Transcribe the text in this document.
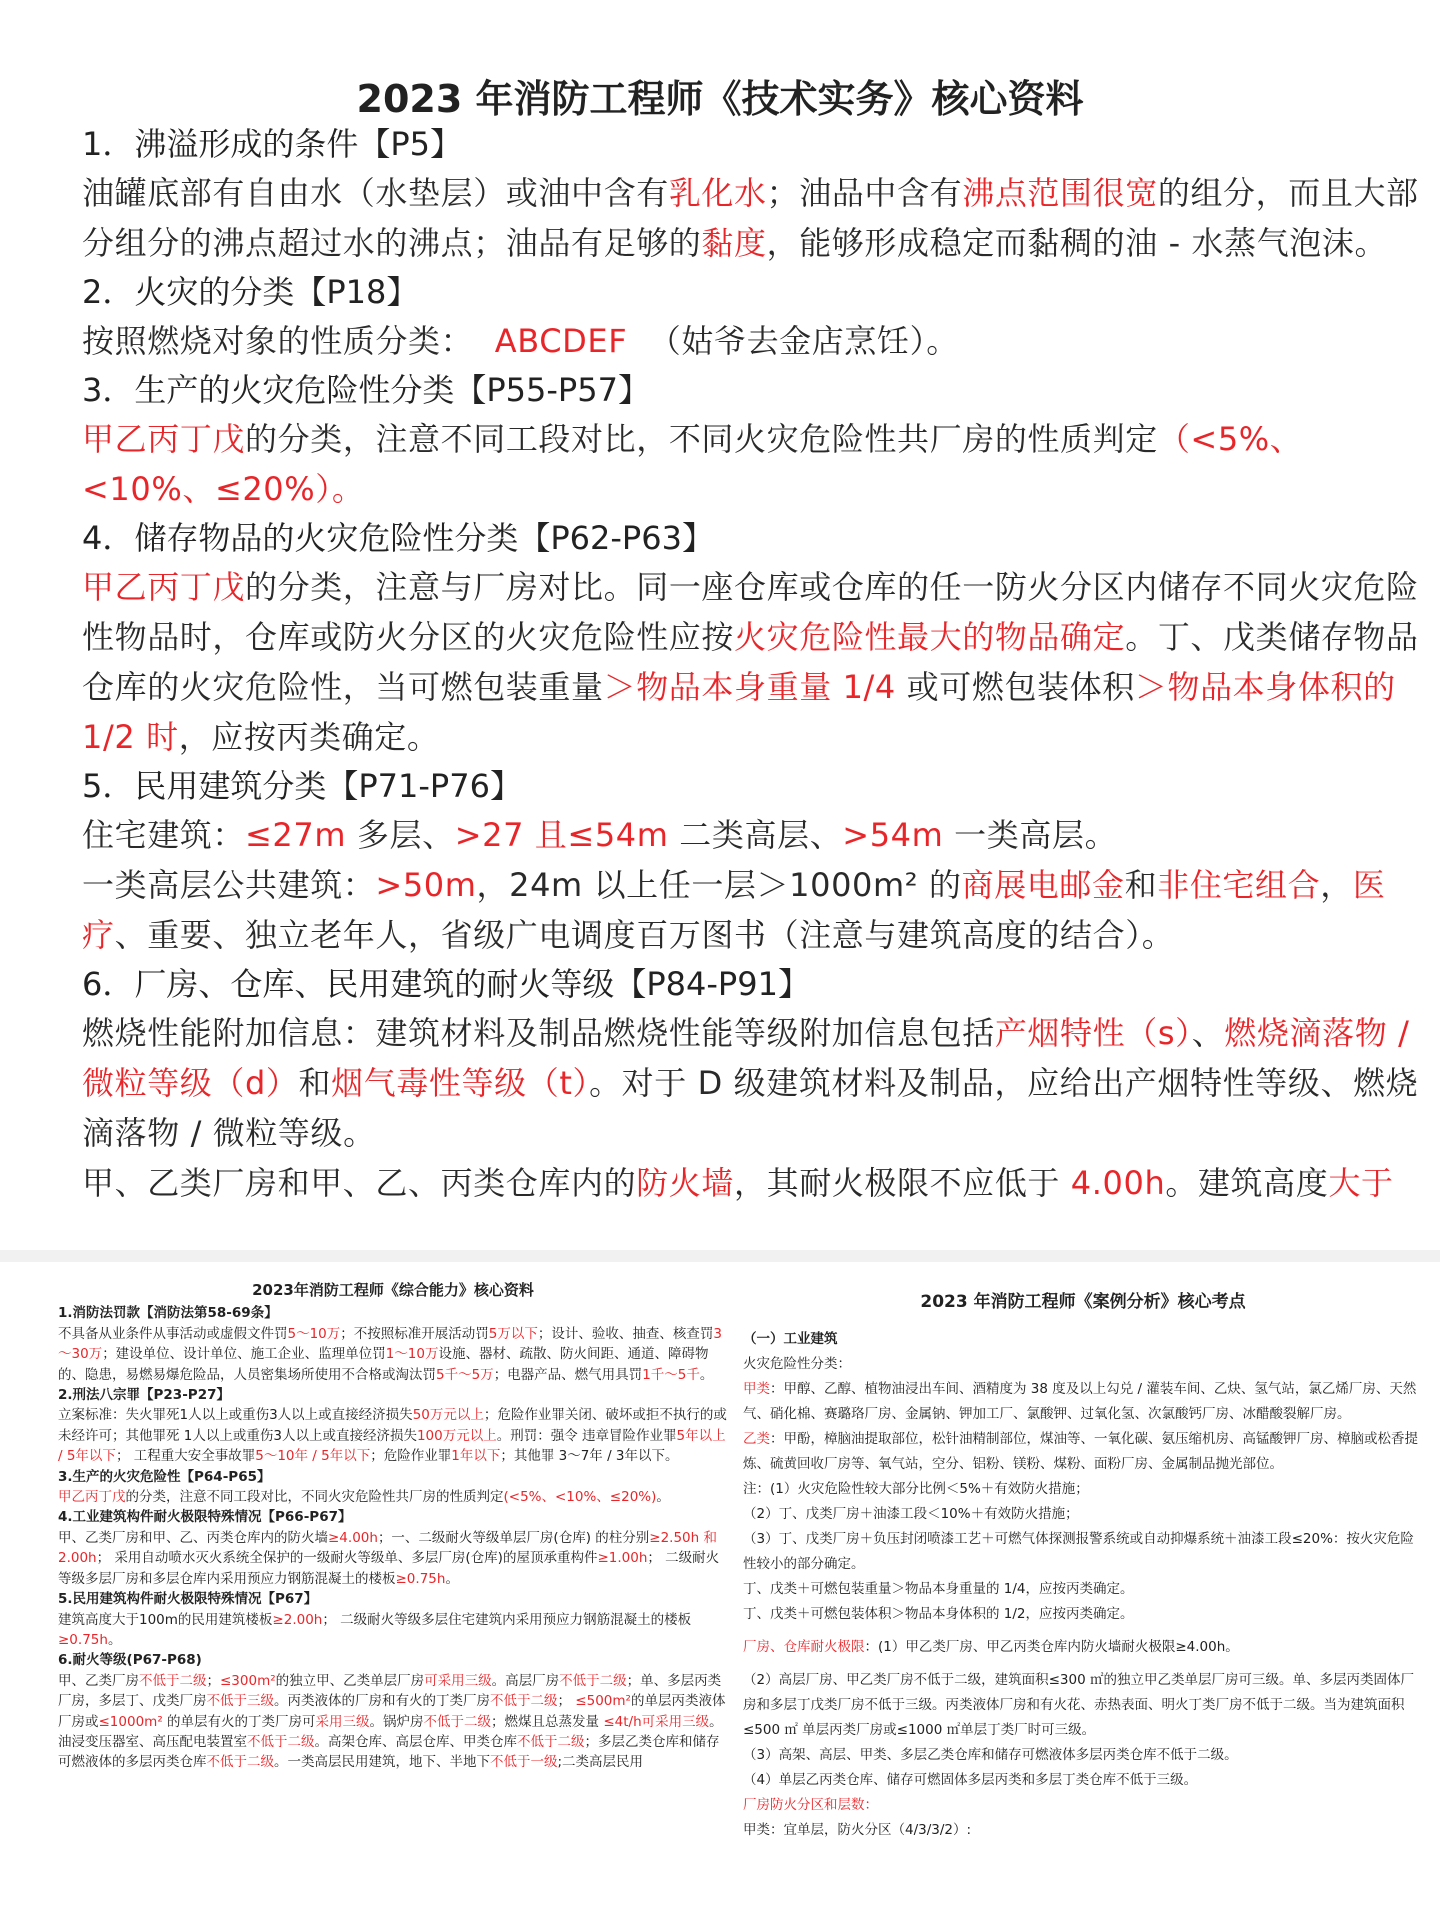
2023 年消防工程师《技术实务》核心资料
1．沸溢形成的条件【P5】
油罐底部有自由水（水垫层）或油中含有乳化水；油品中含有沸点范围很宽的组分，而且大部分组分的沸点超过水的沸点；油品有足够的黏度，能够形成稳定而黏稠的油 - 水蒸气泡沫。
2．火灾的分类【P18】
按照燃烧对象的性质分类： ABCDEF （姑爷去金店烹饪）。
3．生产的火灾危险性分类【P55-P57】
甲乙丙丁戊的分类，注意不同工段对比，不同火灾危险性共厂房的性质判定（<5%、<10%、≤20%）。
4．储存物品的火灾危险性分类【P62-P63】
甲乙丙丁戊的分类，注意与厂房对比。同一座仓库或仓库的任一防火分区内储存不同火灾危险性物品时，仓库或防火分区的火灾危险性应按火灾危险性最大的物品确定。丁、戊类储存物品仓库的火灾危险性，当可燃包装重量＞物品本身重量 1/4 或可燃包装体积＞物品本身体积的 1/2 时，应按丙类确定。
5．民用建筑分类【P71-P76】
住宅建筑：≤27m 多层、>27 且≤54m 二类高层、>54m 一类高层。
一类高层公共建筑：>50m，24m 以上任一层＞1000m² 的商展电邮金和非住宅组合，医疗、重要、独立老年人，省级广电调度百万图书（注意与建筑高度的结合）。
6．厂房、仓库、民用建筑的耐火等级【P84-P91】
燃烧性能附加信息：建筑材料及制品燃烧性能等级附加信息包括产烟特性（s）、燃烧滴落物 / 微粒等级（d）和烟气毒性等级（t）。对于 D 级建筑材料及制品，应给出产烟特性等级、燃烧滴落物 / 微粒等级。
甲、乙类厂房和甲、乙、丙类仓库内的防火墙，其耐火极限不应低于 4.00h。建筑高度大于
2023年消防工程师《综合能力》核心资料
1.消防法罚款【消防法第58-69条】
不具备从业条件从事活动或虚假文件罚5～10万；不按照标准开展活动罚5万以下；设计、验收、抽查、核查罚3～30万；建设单位、设计单位、施工企业、监理单位罚1～10万设施、器材、疏散、防火间距、通道、障碍物的、隐患，易燃易爆危险品，人员密集场所使用不合格或淘汰罚5千～5万；电器产品、燃气用具罚1千～5千。
2.刑法八宗罪【P23-P27】
立案标准：失火罪死1人以上或重伤3人以上或直接经济损失50万元以上；危险作业罪关闭、破坏或拒不执行的或未经许可；其他罪死 1人以上或重伤3人以上或直接经济损失100万元以上。刑罚：强令 违章冒险作业罪5年以上 / 5年以下； 工程重大安全事故罪5～10年 / 5年以下；危险作业罪1年以下；其他罪 3～7年 / 3年以下。
3.生产的火灾危险性【P64-P65】
甲乙丙丁戊的分类，注意不同工段对比，不同火灾危险性共厂房的性质判定(<5%、<10%、≤20%)。
4.工业建筑构件耐火极限特殊情况【P66-P67】
甲、乙类厂房和甲、乙、丙类仓库内的防火墙≥4.00h；一、二级耐火等级单层厂房(仓库) 的柱分别≥2.50h 和2.00h； 采用自动喷水灭火系统全保护的一级耐火等级单、多层厂房(仓库)的屋顶承重构件≥1.00h； 二级耐火等级多层厂房和多层仓库内采用预应力钢筋混凝土的楼板≥0.75h。
5.民用建筑构件耐火极限特殊情况【P67】
建筑高度大于100m的民用建筑楼板≥2.00h； 二级耐火等级多层住宅建筑内采用预应力钢筋混凝土的楼板≥0.75h。
6.耐火等级(P67-P68)
甲、乙类厂房不低于二级；≤300m²的独立甲、乙类单层厂房可采用三级。高层厂房不低于二级；单、多层丙类厂房，多层丁、戊类厂房不低于三级。丙类液体的厂房和有火的丁类厂房不低于二级； ≤500m²的单层丙类液体厂房或≤1000m² 的单层有火的丁类厂房可采用三级。锅炉房不低于二级；燃煤且总蒸发量 ≤4t/h可采用三级。油浸变压器室、高压配电装置室不低于二级。高架仓库、高层仓库、甲类仓库不低于二级；多层乙类仓库和储存可燃液体的多层丙类仓库不低于二级。一类高层民用建筑，地下、半地下不低于一级;二类高层民用
2023 年消防工程师《案例分析》核心考点
（一）工业建筑
火灾危险性分类：
甲类：甲醇、乙醇、植物油浸出车间、酒精度为 38 度及以上勾兑 / 灌装车间、乙炔、氢气站，氯乙烯厂房、天然气、硝化棉、赛璐珞厂房、金属钠、钾加工厂、氯酸钾、过氧化氢、次氯酸钙厂房、冰醋酸裂解厂房。
乙类：甲酚，樟脑油提取部位，松针油精制部位，煤油等、一氧化碳、氨压缩机房、高锰酸钾厂房、樟脑或松香提炼、硫黄回收厂房等、氧气站，空分、铝粉、镁粉、煤粉、面粉厂房、金属制品抛光部位。
注：(1）火灾危险性较大部分比例＜5%＋有效防火措施；
（2）丁、戊类厂房＋油漆工段＜10%＋有效防火措施；
（3）丁、戊类厂房＋负压封闭喷漆工艺＋可燃气体探测报警系统或自动抑爆系统＋油漆工段≤20%：按火灾危险性较小的部分确定。
丁、戊类＋可燃包装重量＞物品本身重量的 1/4，应按丙类确定。
丁、戊类＋可燃包装体积＞物品本身体积的 1/2，应按丙类确定。
厂房、仓库耐火极限：(1）甲乙类厂房、甲乙丙类仓库内防火墙耐火极限≥4.00h。
（2）高层厂房、甲乙类厂房不低于二级，建筑面积≤300 ㎡的独立甲乙类单层厂房可三级。单、多层丙类固体厂房和多层丁戊类厂房不低于三级。丙类液体厂房和有火花、赤热表面、明火丁类厂房不低于二级。当为建筑面积≤500 ㎡ 单层丙类厂房或≤1000 ㎡单层丁类厂时可三级。
（3）高架、高层、甲类、多层乙类仓库和储存可燃液体多层丙类仓库不低于二级。
（4）单层乙丙类仓库、储存可燃固体多层丙类和多层丁类仓库不低于三级。
厂房防火分区和层数：
甲类：宜单层，防火分区（4/3/3/2）:
